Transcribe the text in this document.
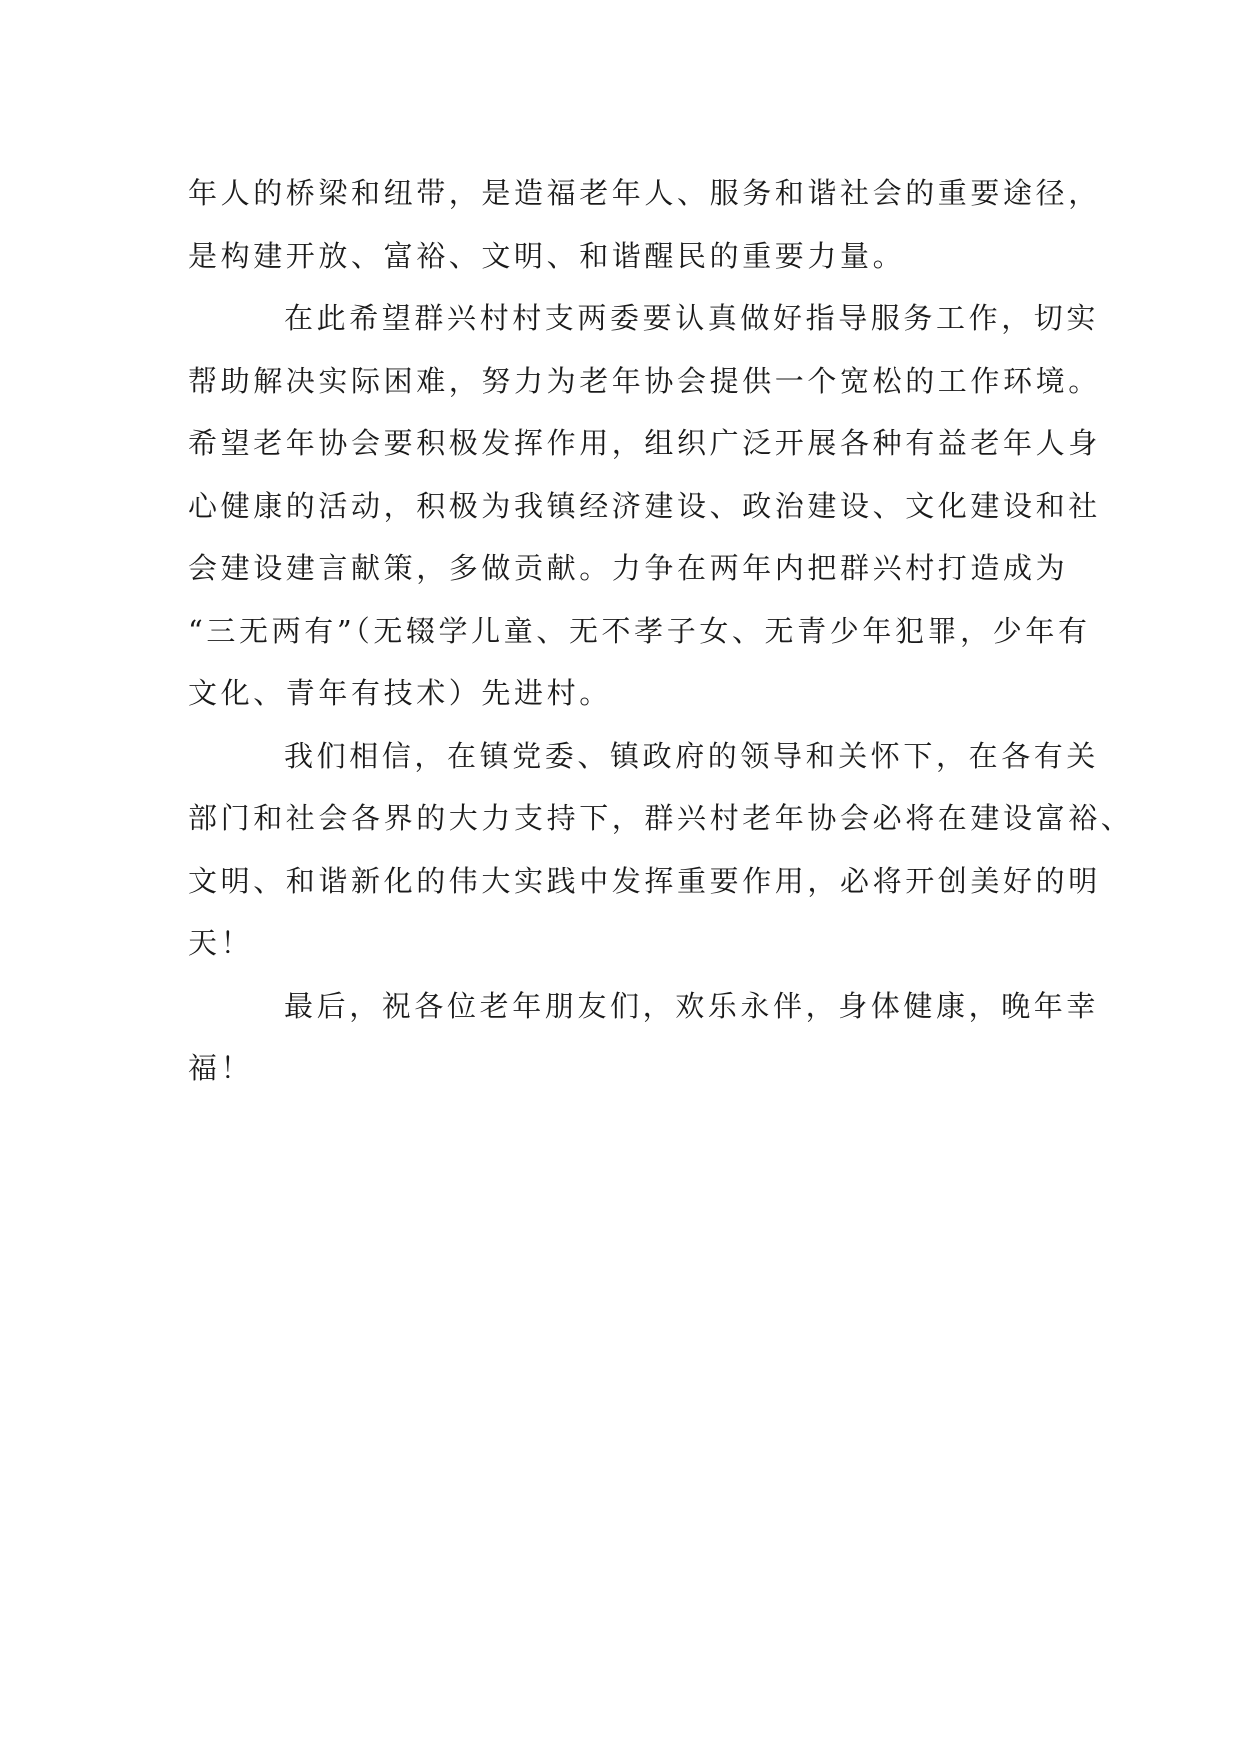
年人的桥梁和纽带，是造福老年人、服务和谐社会的重要途径，
是构建开放、富裕、文明、和谐醒民的重要力量。
在此希望群兴村村支两委要认真做好指导服务工作，切实
帮助解决实际困难，努力为老年协会提供一个宽松的工作环境。
希望老年协会要积极发挥作用，组织广泛开展各种有益老年人身
心健康的活动，积极为我镇经济建设、政治建设、文化建设和社
会建设建言献策，多做贡献。力争在两年内把群兴村打造成为
“三无两有”（无辍学儿童、无不孝子女、无青少年犯罪，少年有
文化、青年有技术）先进村。
我们相信，在镇党委、镇政府的领导和关怀下，在各有关
部门和社会各界的大力支持下，群兴村老年协会必将在建设富裕、
文明、和谐新化的伟大实践中发挥重要作用，必将开创美好的明
天！
最后，祝各位老年朋友们，欢乐永伴，身体健康，晚年幸
福！
